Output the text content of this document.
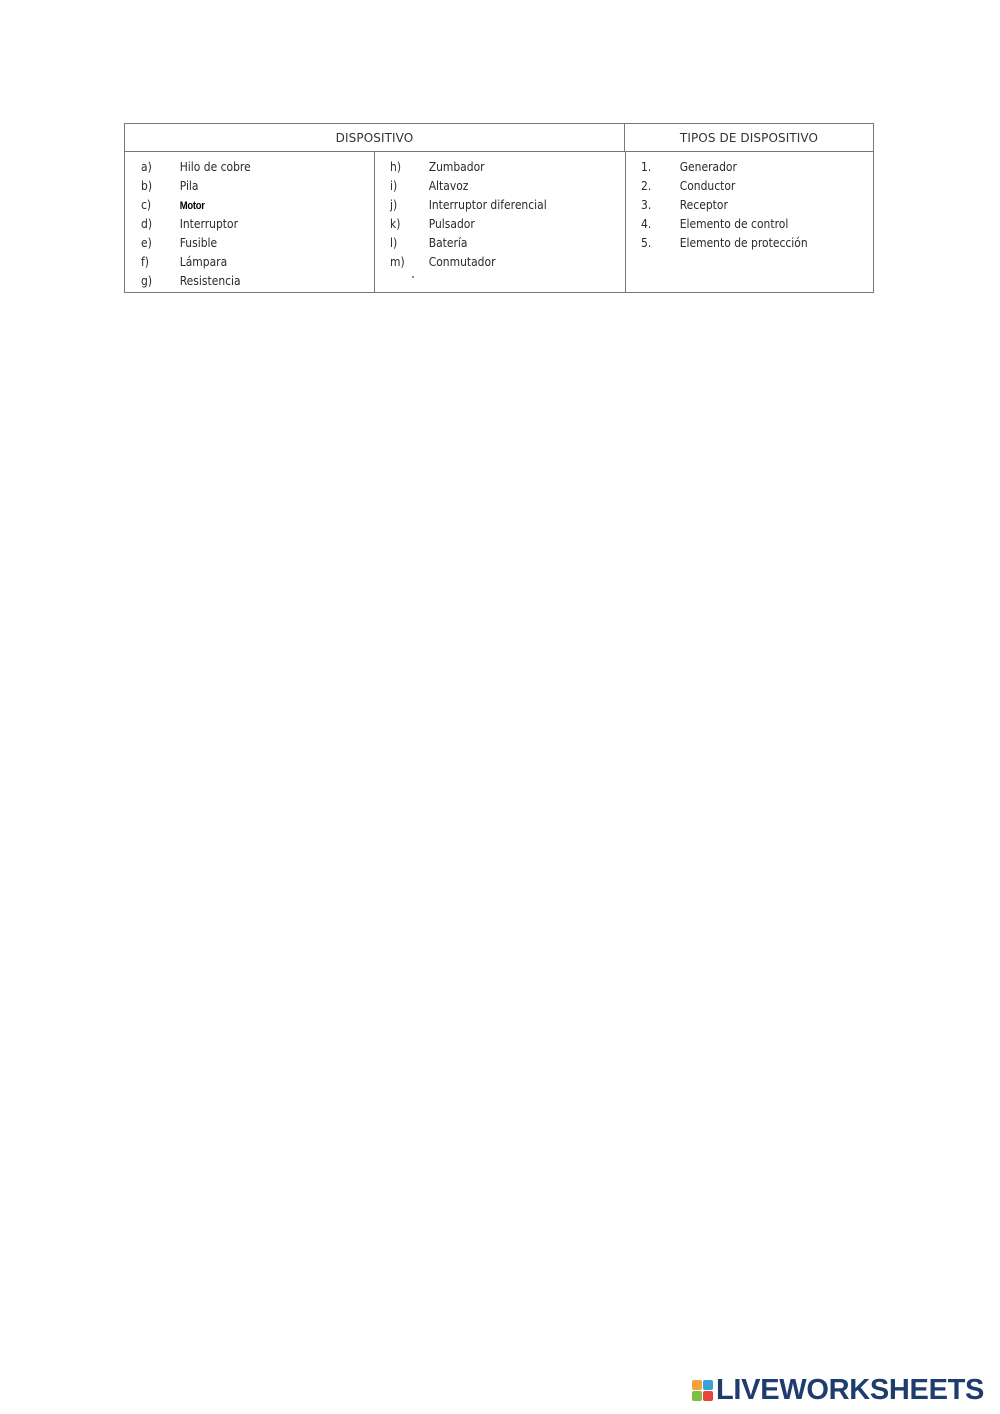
DISPOSITIVO	TIPOS DE DISPOSITIVO
a) Hilo de cobre
b) Pila
c)	Motor
d) Interruptor
e) Fusible
f) Lámpara
g) Resistencia
h) Zumbador
i)	Altavoz
j)	Interruptor diferencial
k) Pulsador
l)	Batería
m) Conmutador
1. Generador
2. Conductor
3. Receptor
4. Elemento de control
5. Elemento de protección
LIVEWORKSHEETS
